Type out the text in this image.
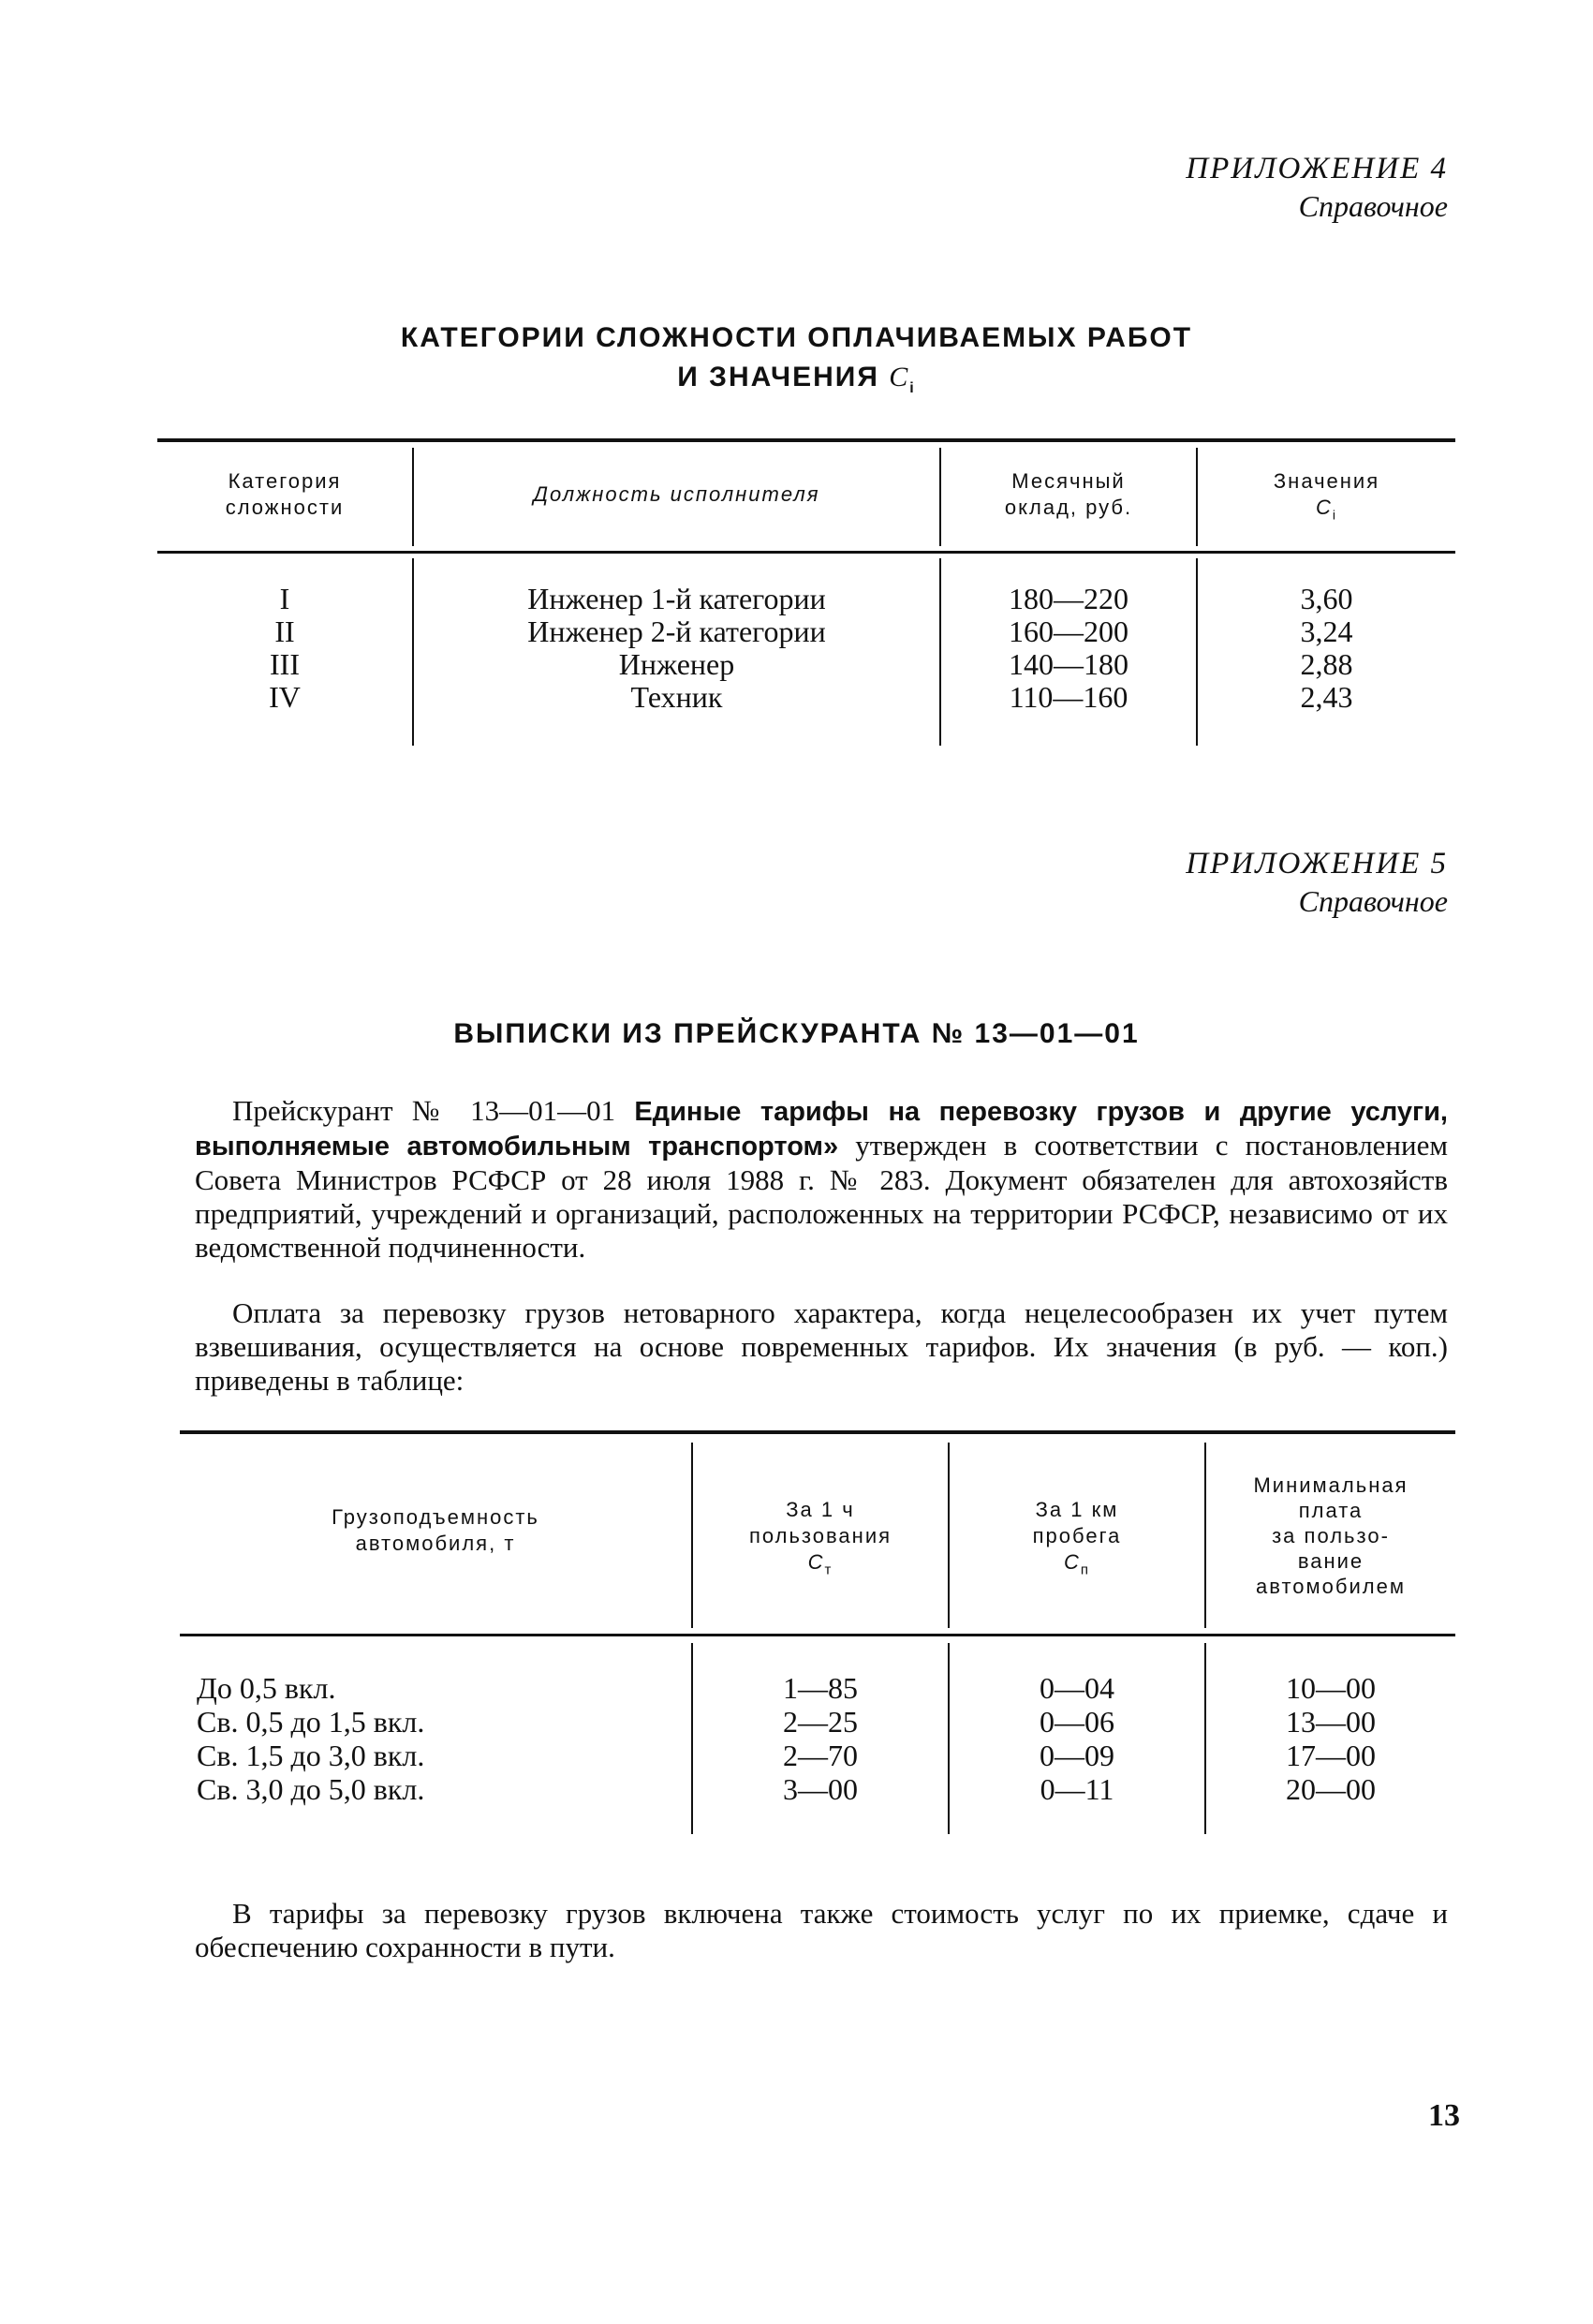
ПРИЛОЖЕНИЕ 4
Справочное
КАТЕГОРИИ СЛОЖНОСТИ ОПЛАЧИВАЕМЫХ РАБОТ
И ЗНАЧЕНИЯ $C_i$
Категория
сложности
Должность исполнителя
Месячный
оклад, руб.
Значения
$C_i$
I
II
III
IV
Инженер 1-й категории
Инженер 2-й категории
Инженер
Техник
180—220
160—200
140—180
110—160
3,60
3,24
2,88
2,43
ПРИЛОЖЕНИЕ 5
Справочное
ВЫПИСКИ ИЗ ПРЕЙСКУРАНТА № 13—01—01
Прейскурант № 13—01—01 Единые тарифы на перевозку грузов и другие услуги, выполняемые автомобильным транспортом» утвержден в соответствии с постановлением Совета Министров РСФСР от 28 июля 1988 г. № 283. Документ обязателен для автохозяйств предприятий, учреждений и организаций, расположенных на территории РСФСР, независимо от их ведомственной подчиненности.
Оплата за перевозку грузов нетоварного характера, когда нецелесообразен их учет путем взвешивания, осуществляется на основе повременных тарифов. Их значения (в руб. — коп.) приведены в таблице:
Грузоподъемность
автомобиля, т
За 1 ч
пользования
$C_т$
За 1 км
пробега
$C_п$
Минимальная
плата
за пользо-
вание
автомобилем
До 0,5 вкл.
Св. 0,5 до 1,5 вкл.
Св. 1,5 до 3,0 вкл.
Св. 3,0 до 5,0 вкл.
1—85
2—25
2—70
3—00
0—04
0—06
0—09
0—11
10—00
13—00
17—00
20—00
В тарифы за перевозку грузов включена также стоимость услуг по их приемке, сдаче и обеспечению сохранности в пути.
13
